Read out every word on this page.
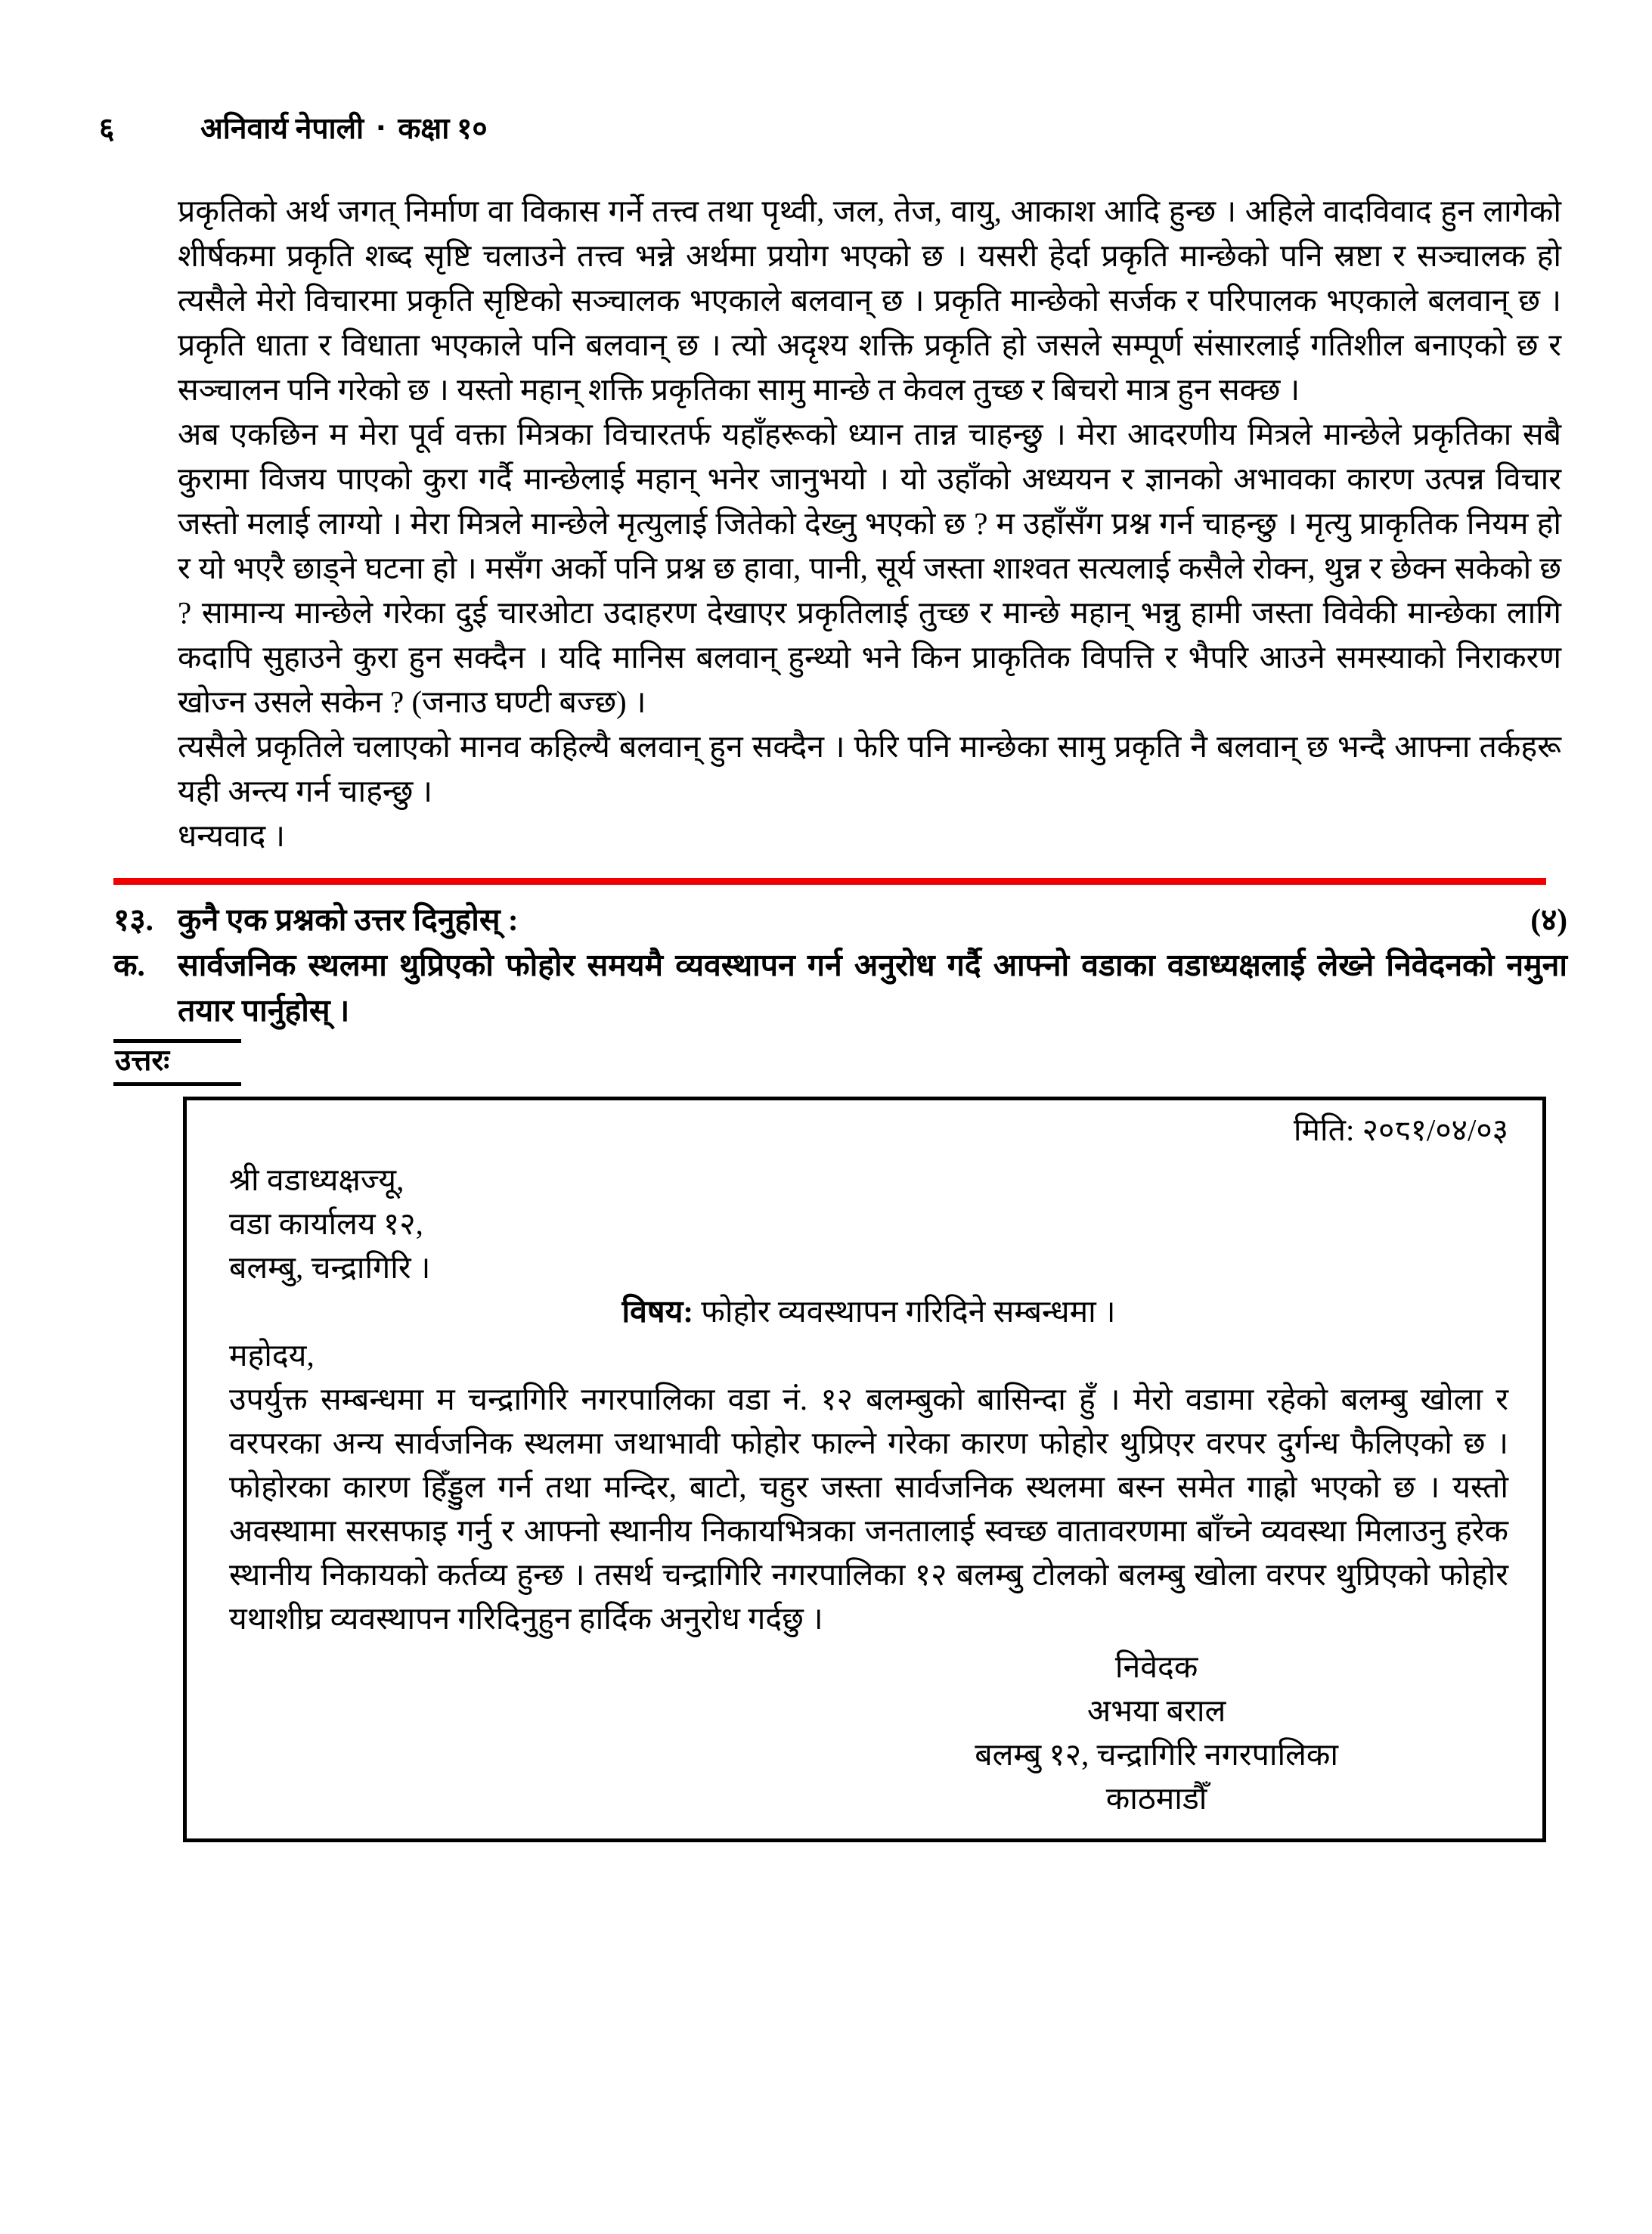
६	अनिवार्य नेपाली ▪ कक्षा १०

प्रकृतिको अर्थ जगत् निर्माण वा विकास गर्ने तत्त्व तथा पृथ्वी, जल, तेज, वायु, आकाश आदि हुन्छ । अहिले वादविवाद हुन लागेको शीर्षकमा प्रकृति शब्द सृष्टि चलाउने तत्त्व भन्ने अर्थमा प्रयोग भएको छ । यसरी हेर्दा प्रकृति मान्छेको पनि स्रष्टा र सञ्चालक हो त्यसैले मेरो विचारमा प्रकृति सृष्टिको सञ्चालक भएकाले बलवान् छ । प्रकृति मान्छेको सर्जक र परिपालक भएकाले बलवान् छ । प्रकृति धाता र विधाता भएकाले पनि बलवान् छ । त्यो अदृश्य शक्ति प्रकृति हो जसले सम्पूर्ण संसारलाई गतिशील बनाएको छ र सञ्चालन पनि गरेको छ । यस्तो महान् शक्ति प्रकृतिका सामु मान्छे त केवल तुच्छ र बिचरो मात्र हुन सक्छ ।

अब एकछिन म मेरा पूर्व वक्ता मित्रका विचारतर्फ यहाँहरूको ध्यान तान्न चाहन्छु । मेरा आदरणीय मित्रले मान्छेले प्रकृतिका सबै कुरामा विजय पाएको कुरा गर्दै मान्छेलाई महान् भनेर जानुभयो । यो उहाँको अध्ययन र ज्ञानको अभावका कारण उत्पन्न विचार जस्तो मलाई लाग्यो । मेरा मित्रले मान्छेले मृत्युलाई जितेको देख्नु भएको छ ? म उहाँसँग प्रश्न गर्न चाहन्छु । मृत्यु प्राकृतिक नियम हो र यो भएरै छाड्ने घटना हो । मसँग अर्को पनि प्रश्न छ हावा, पानी, सूर्य जस्ता शाश्वत सत्यलाई कसैले रोक्न, थुन्न र छेक्न सकेको छ ? सामान्य मान्छेले गरेका दुई चारओटा उदाहरण देखाएर प्रकृतिलाई तुच्छ र मान्छे महान् भन्नु हामी जस्ता विवेकी मान्छेका लागि कदापि सुहाउने कुरा हुन सक्दैन । यदि मानिस बलवान् हुन्थ्यो भने किन प्राकृतिक विपत्ति र भैपरि आउने समस्याको निराकरण खोज्न उसले सकेन ? (जनाउ घण्टी बज्छ) ।

त्यसैले प्रकृतिले चलाएको मानव कहिल्यै बलवान् हुन सक्दैन । फेरि पनि मान्छेका सामु प्रकृति नै बलवान् छ भन्दै आफ्ना तर्कहरू यही अन्त्य गर्न चाहन्छु ।

धन्यवाद ।

१३. कुनै एक प्रश्नको उत्तर दिनुहोस् :	(४)
क.	सार्वजनिक स्थलमा थुप्रिएको फोहोर समयमै व्यवस्थापन गर्न अनुरोध गर्दै आफ्नो वडाका वडाध्यक्षलाई लेख्ने निवेदनको नमुना तयार पार्नुहोस् ।
उत्तरः
मिति: २०८१/०४/०३
श्री वडाध्यक्षज्यू,
वडा कार्यालय १२,
बलम्बु, चन्द्रागिरि ।
विषय: फोहोर व्यवस्थापन गरिदिने सम्बन्धमा ।
महोदय,
उपर्युक्त सम्बन्धमा म चन्द्रागिरि नगरपालिका वडा नं. १२ बलम्बुको बासिन्दा हुँ । मेरो वडामा रहेको बलम्बु खोला र वरपरका अन्य सार्वजनिक स्थलमा जथाभावी फोहोर फाल्ने गरेका कारण फोहोर थुप्रिएर वरपर दुर्गन्ध फैलिएको छ । फोहोरका कारण हिँड्डुल गर्न तथा मन्दिर, बाटो, चहुर जस्ता सार्वजनिक स्थलमा बस्न समेत गाह्रो भएको छ । यस्तो अवस्थामा सरसफाइ गर्नु र आफ्नो स्थानीय निकायभित्रका जनतालाई स्वच्छ वातावरणमा बाँच्ने व्यवस्था मिलाउनु हरेक स्थानीय निकायको कर्तव्य हुन्छ । तसर्थ चन्द्रागिरि नगरपालिका १२ बलम्बु टोलको बलम्बु खोला वरपर थुप्रिएको फोहोर यथाशीघ्र व्यवस्थापन गरिदिनुहुन हार्दिक अनुरोध गर्दछु ।
निवेदक
अभया बराल
बलम्बु १२, चन्द्रागिरि नगरपालिका
काठमाडौँ
